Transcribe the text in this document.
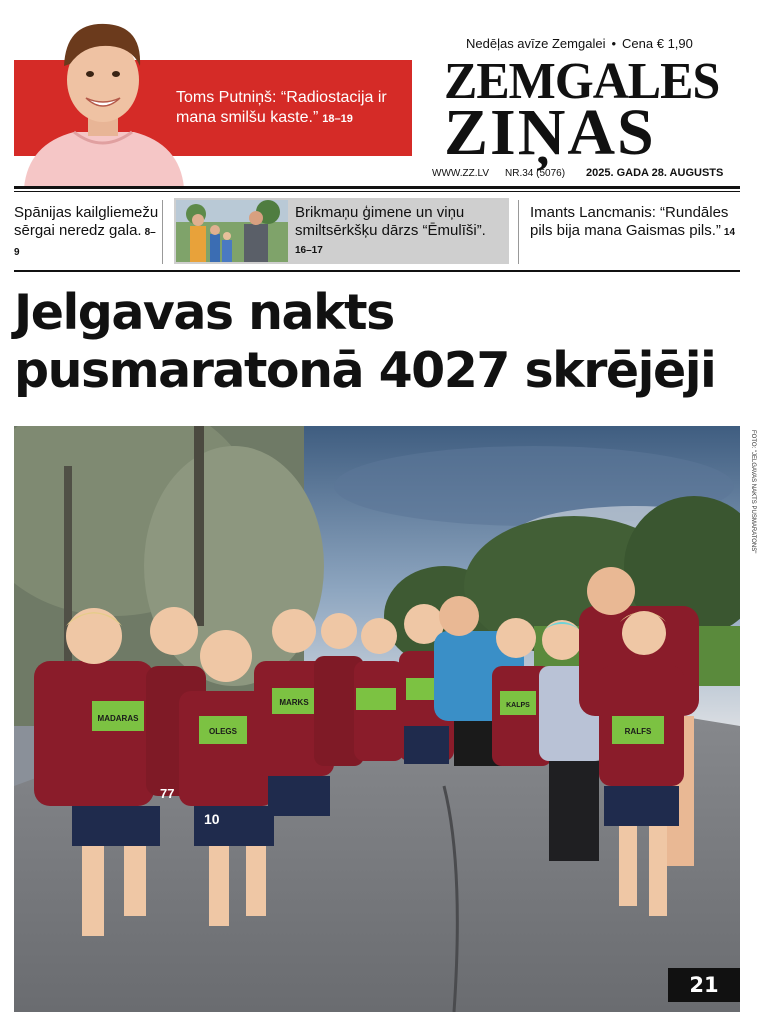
Toms Putniņš: “Radiostacija ir mana smilšu kaste.” 18–19
Nedēļas avīze Zemgalei • Cena € 1,90
ZEMGALES
ZIŅAS
WWW.ZZ.LV NR.34 (5076) 2025. GADA 28. AUGUSTS
Spānijas kailgliemežu sērgai neredz gala. 8–9
Brikmaņu ģimene un viņu smiltsērkšķu dārzs “Ēmulīši”.
16–17
Imants Lancmanis: “Rundāles pils bija mana Gaismas pils.” 14
Jelgavas nakts
pusmaratonā 4027 skrējēji
MADARAS
OLEGS
MARKS	KALPS
RALFS
10
77
FOTO: "JELGAVAS NAKTS PUSMARATONS"
21
